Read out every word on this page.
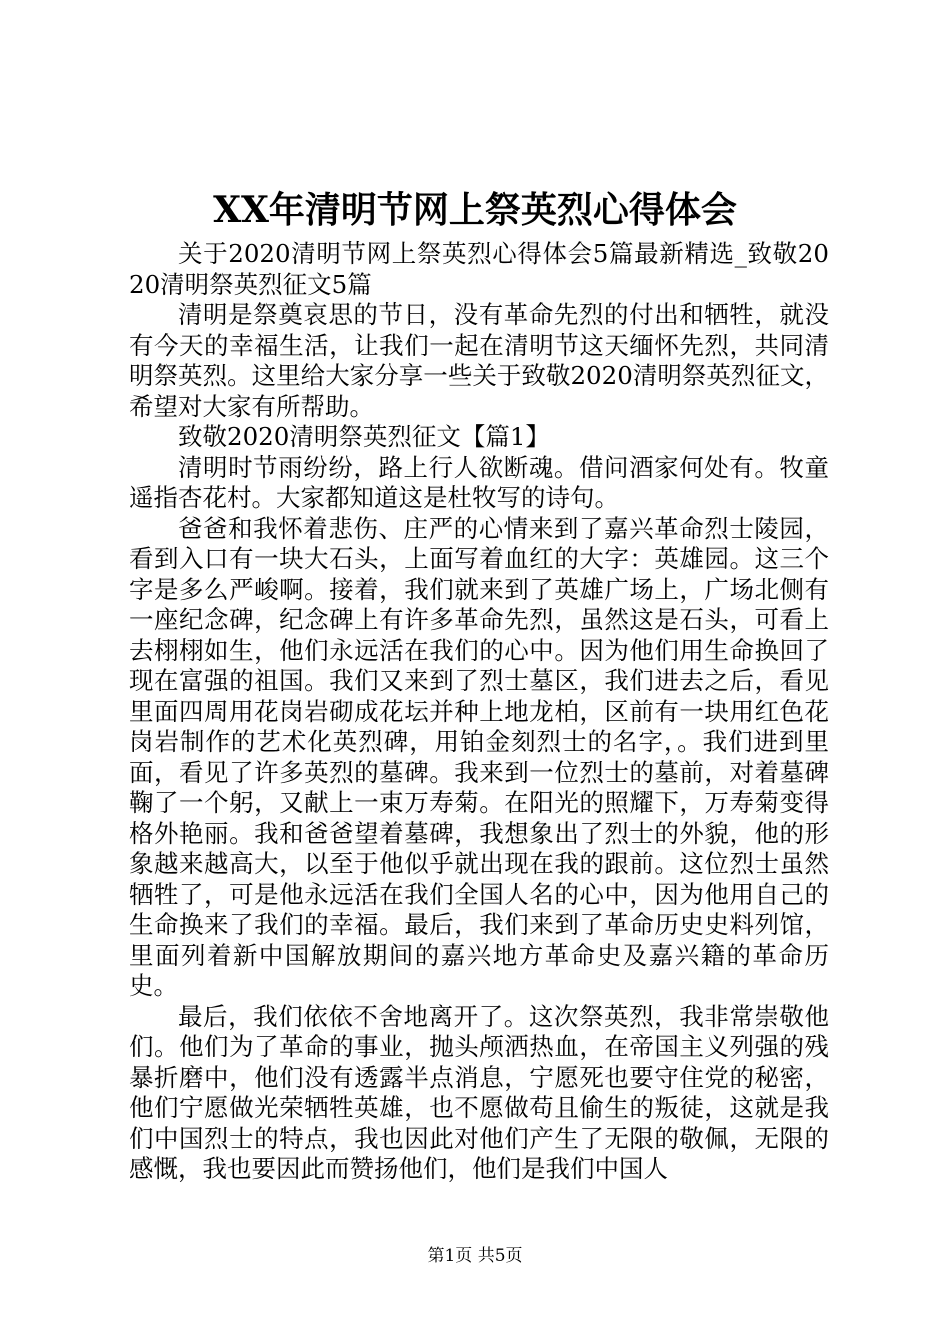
XX年清明节网上祭英烈心得体会

关于2020清明节网上祭英烈心得体会5篇最新精选_致敬2020清明祭英烈征文5篇

清明是祭奠哀思的节日，没有革命先烈的付出和牺牲，就没有今天的幸福生活，让我们一起在清明节这天缅怀先烈，共同清明祭英烈。这里给大家分享一些关于致敬2020清明祭英烈征文，希望对大家有所帮助。

致敬2020清明祭英烈征文【篇1】

清明时节雨纷纷，路上行人欲断魂。借问酒家何处有。牧童遥指杏花村。大家都知道这是杜牧写的诗句。

爸爸和我怀着悲伤、庄严的心情来到了嘉兴革命烈士陵园，看到入口有一块大石头，上面写着血红的大字：英雄园。这三个字是多么严峻啊。接着，我们就来到了英雄广场上，广场北侧有一座纪念碑，纪念碑上有许多革命先烈，虽然这是石头，可看上去栩栩如生，他们永远活在我们的心中。因为他们用生命换回了现在富强的祖国。我们又来到了烈士墓区，我们进去之后，看见里面四周用花岗岩砌成花坛并种上地龙柏，区前有一块用红色花岗岩制作的艺术化英烈碑，用铂金刻烈士的名字，。我们进到里面，看见了许多英烈的墓碑。我来到一位烈士的墓前，对着墓碑鞠了一个躬，又献上一束万寿菊。在阳光的照耀下，万寿菊变得格外艳丽。我和爸爸望着墓碑，我想象出了烈士的外貌，他的形象越来越高大，以至于他似乎就出现在我的跟前。这位烈士虽然牺牲了，可是他永远活在我们全国人名的心中，因为他用自己的生命换来了我们的幸福。最后，我们来到了革命历史史料列馆，里面列着新中国解放期间的嘉兴地方革命史及嘉兴籍的革命历史。

最后，我们依依不舍地离开了。这次祭英烈，我非常崇敬他们。他们为了革命的事业，抛头颅洒热血，在帝国主义列强的残暴折磨中，他们没有透露半点消息，宁愿死也要守住党的秘密，他们宁愿做光荣牺牲英雄，也不愿做苟且偷生的叛徒，这就是我们中国烈士的特点，我也因此对他们产生了无限的敬佩，无限的感慨，我也要因此而赞扬他们，他们是我们中国人

第1页 共5页
